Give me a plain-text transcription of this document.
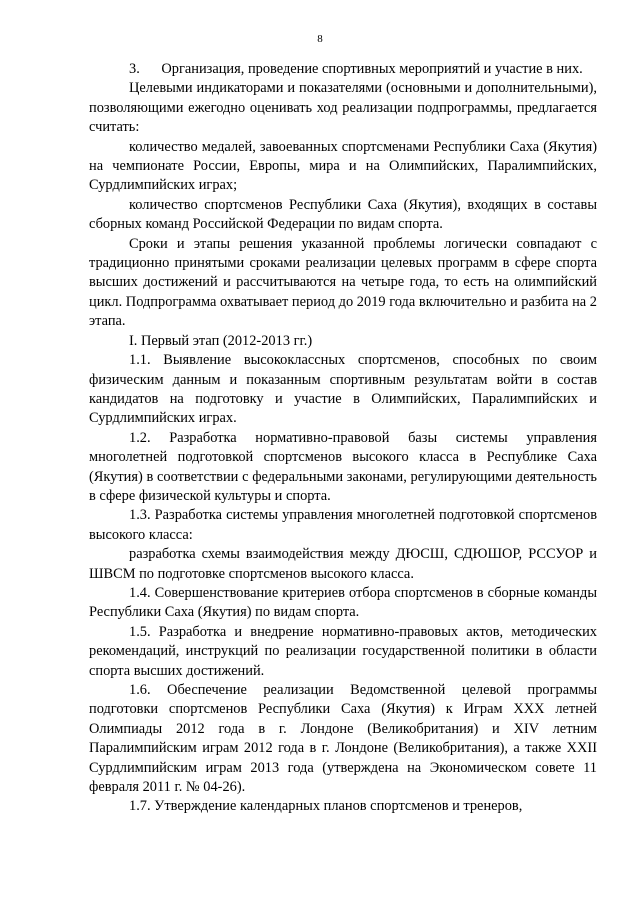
8

3.      Организация, проведение спортивных мероприятий и участие в них.

Целевыми индикаторами и показателями (основными и дополнительными), позволяющими ежегодно оценивать ход реализации подпрограммы, предлагается считать:

количество медалей, завоеванных спортсменами Республики Саха (Якутия) на чемпионате России, Европы, мира и на Олимпийских, Паралимпийских, Сурдлимпийских играх;

количество спортсменов Республики Саха (Якутия), входящих в составы сборных команд Российской Федерации по видам спорта.

Сроки и этапы решения указанной проблемы логически совпадают с традиционно принятыми сроками реализации целевых программ в сфере спорта высших достижений и рассчитываются на четыре года, то есть на олимпийский цикл. Подпрограмма охватывает период до 2019 года включительно и разбита на 2 этапа.

I. Первый этап (2012-2013 гг.)

1.1. Выявление высококлассных спортсменов, способных по своим физическим данным и показанным спортивным результатам войти в состав кандидатов на подготовку и участие в Олимпийских, Паралимпийских и Сурдлимпийских играх.

1.2. Разработка нормативно-правовой базы системы управления многолетней подготовкой спортсменов высокого класса в Республике Саха (Якутия) в соответствии с федеральными законами, регулирующими деятельность в сфере физической культуры и спорта.

1.3. Разработка системы управления многолетней подготовкой спортсменов высокого класса:

разработка схемы взаимодействия между ДЮСШ, СДЮШОР, РССУОР и ШВСМ по подготовке спортсменов высокого класса.

1.4. Совершенствование критериев отбора спортсменов в сборные команды Республики Саха (Якутия) по видам спорта.

1.5. Разработка и внедрение нормативно-правовых актов, методических рекомендаций, инструкций по реализации государственной политики в области спорта высших достижений.

1.6. Обеспечение реализации Ведомственной целевой программы подготовки спортсменов Республики Саха (Якутия) к Играм XXX летней Олимпиады 2012 года в г. Лондоне (Великобритания) и XIV летним Паралимпийским играм 2012 года в г. Лондоне (Великобритания), а также XXII Сурдлимпийским играм 2013 года (утверждена на Экономическом совете 11 февраля 2011 г. № 04-26).

1.7. Утверждение календарных планов спортсменов и тренеров,
